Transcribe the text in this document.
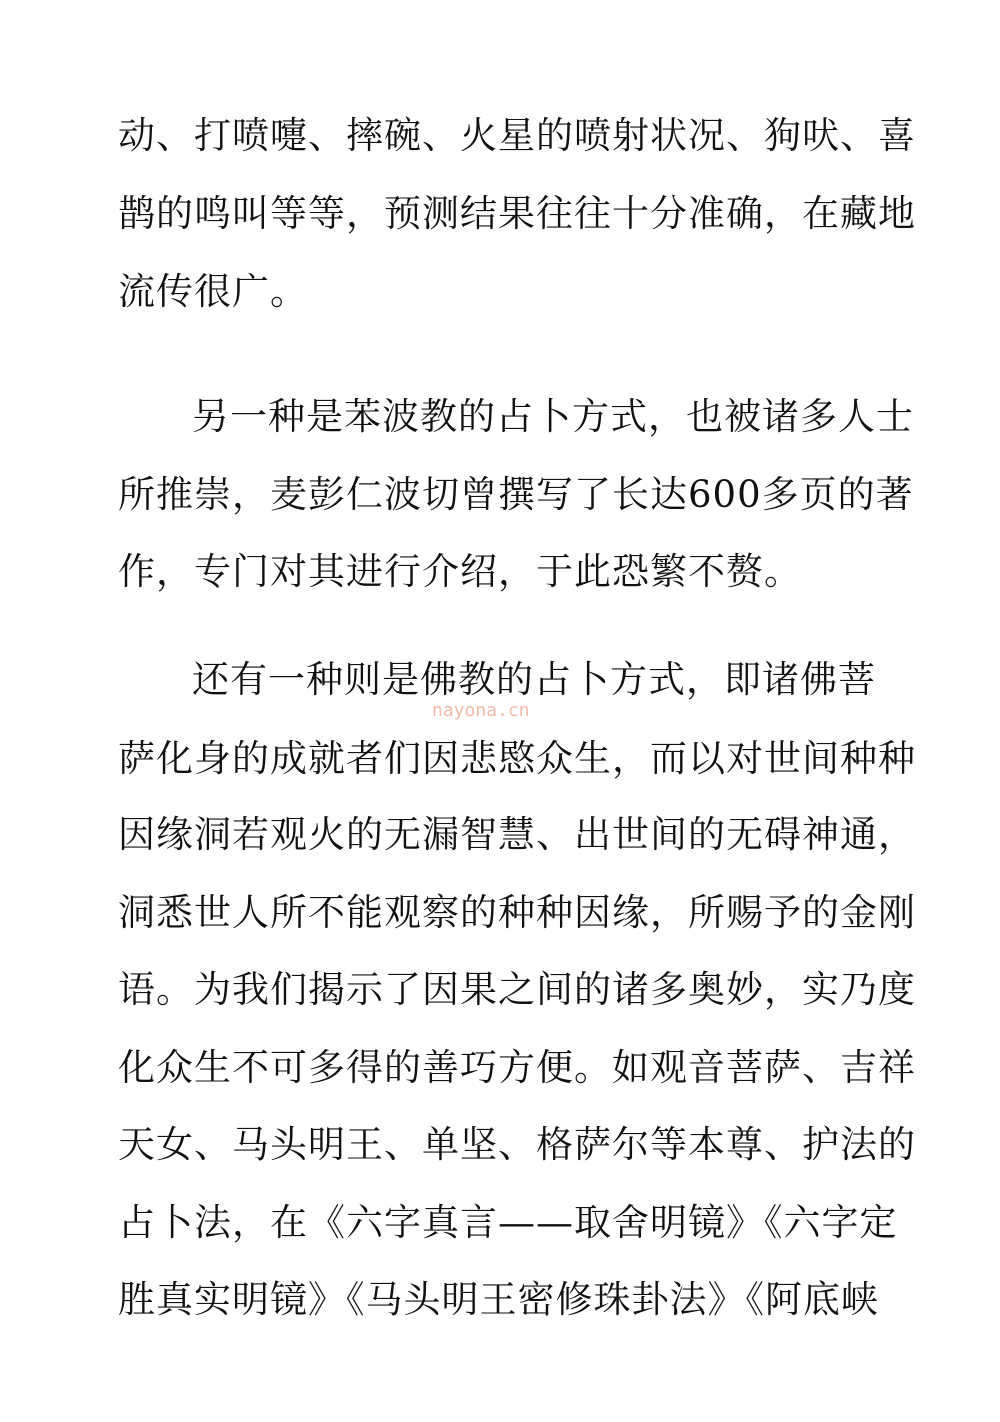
动、打喷嚏、摔碗、火星的喷射状况、狗吠、喜
鹊的鸣叫等等，预测结果往往十分准确，在藏地
流传很广。
另一种是苯波教的占卜方式，也被诸多人士
所推崇，麦彭仁波切曾撰写了长达600多页的著
作，专门对其进行介绍，于此恐繁不赘。
还有一种则是佛教的占卜方式，即诸佛菩
萨化身的成就者们因悲愍众生，而以对世间种种
因缘洞若观火的无漏智慧、出世间的无碍神通，
洞悉世人所不能观察的种种因缘，所赐予的金刚
语。为我们揭示了因果之间的诸多奥妙，实乃度
化众生不可多得的善巧方便。如观音菩萨、吉祥
天女、马头明王、单坚、格萨尔等本尊、护法的
占卜法，在《六字真言——取舍明镜》《六字定
胜真实明镜》《马头明王密修珠卦法》《阿底峡
nayona.cn
